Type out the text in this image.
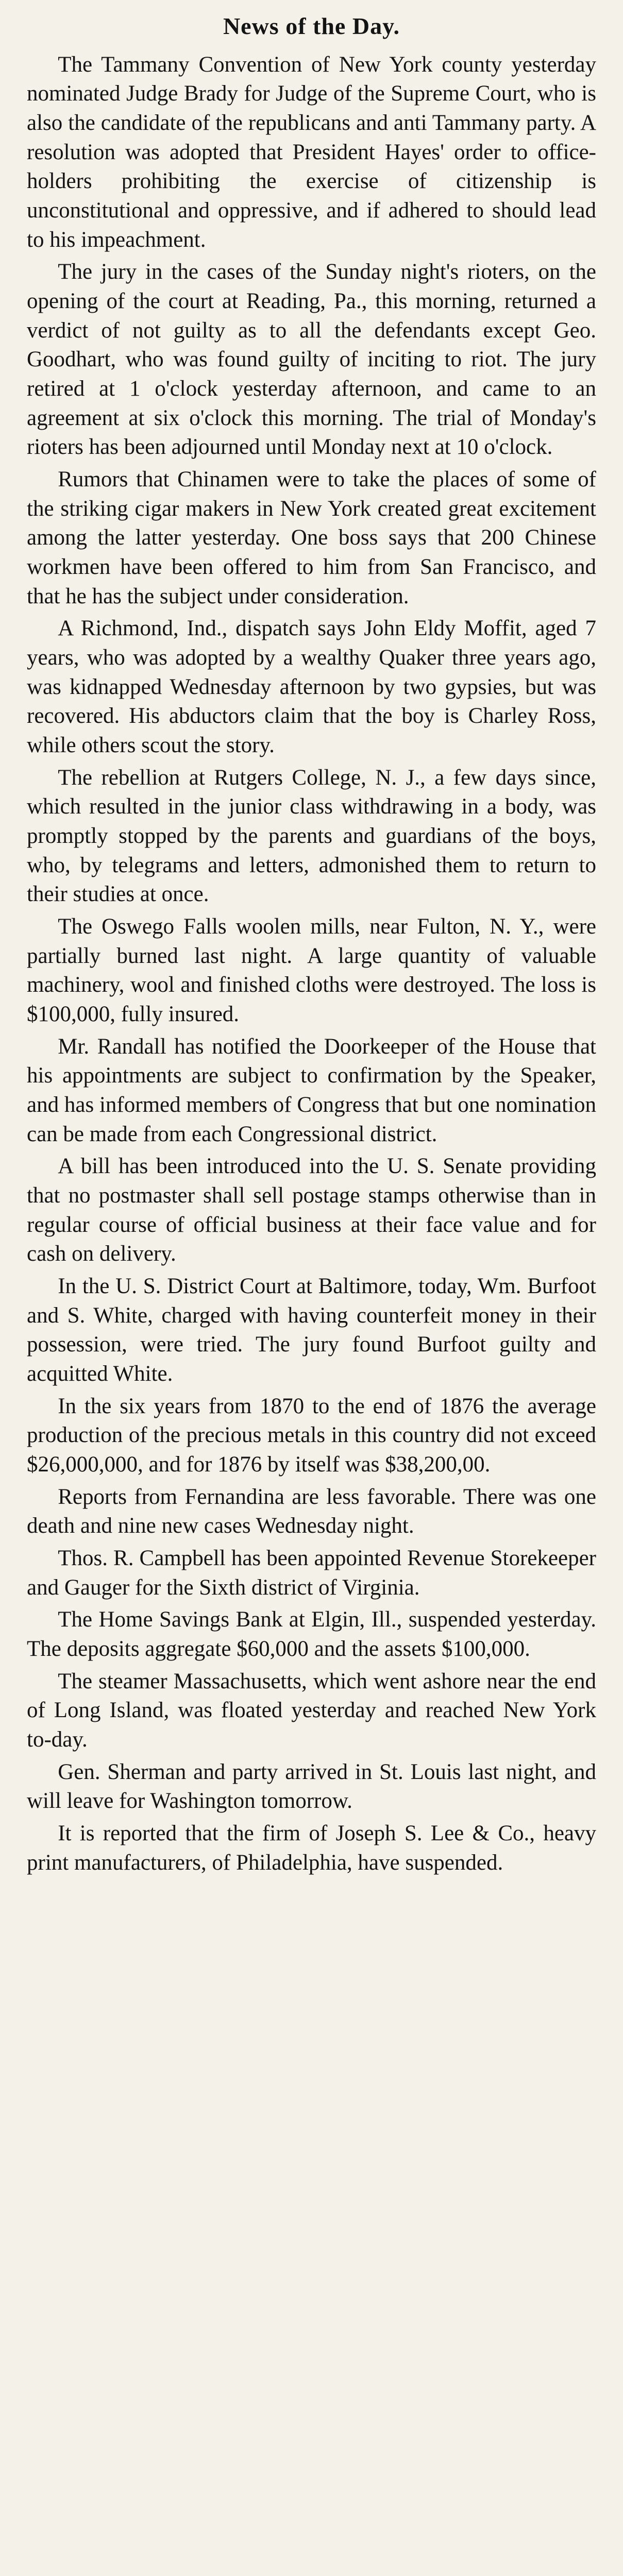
News of the Day.

The Tammany Convention of New York county yesterday nominated Judge Brady for Judge of the Supreme Court, who is also the candidate of the republicans and anti Tammany party. A resolution was adopted that President Hayes' order to office-holders prohibiting the exercise of citizenship is unconstitutional and oppressive, and if adhered to should lead to his impeachment.

The jury in the cases of the Sunday night's rioters, on the opening of the court at Reading, Pa., this morning, returned a verdict of not guilty as to all the defendants except Geo. Goodhart, who was found guilty of inciting to riot. The jury retired at 1 o'clock yesterday afternoon, and came to an agreement at six o'clock this morning. The trial of Monday's rioters has been adjourned until Monday next at 10 o'clock.

Rumors that Chinamen were to take the places of some of the striking cigar makers in New York created great excitement among the latter yesterday. One boss says that 200 Chinese workmen have been offered to him from San Francisco, and that he has the subject under consideration.

A Richmond, Ind., dispatch says John Eldy Moffit, aged 7 years, who was adopted by a wealthy Quaker three years ago, was kidnapped Wednesday afternoon by two gypsies, but was recovered. His abductors claim that the boy is Charley Ross, while others scout the story.

The rebellion at Rutgers College, N. J., a few days since, which resulted in the junior class withdrawing in a body, was promptly stopped by the parents and guardians of the boys, who, by telegrams and letters, admonished them to return to their studies at once.

The Oswego Falls woolen mills, near Fulton, N. Y., were partially burned last night. A large quantity of valuable machinery, wool and finished cloths were destroyed. The loss is $100,000, fully insured.

Mr. Randall has notified the Doorkeeper of the House that his appointments are subject to confirmation by the Speaker, and has informed members of Congress that but one nomination can be made from each Congressional district.

A bill has been introduced into the U. S. Senate providing that no postmaster shall sell postage stamps otherwise than in regular course of official business at their face value and for cash on delivery.

In the U. S. District Court at Baltimore, today, Wm. Burfoot and S. White, charged with having counterfeit money in their possession, were tried. The jury found Burfoot guilty and acquitted White.

In the six years from 1870 to the end of 1876 the average production of the precious metals in this country did not exceed $26,000,000, and for 1876 by itself was $38,200,00.

Reports from Fernandina are less favorable. There was one death and nine new cases Wednesday night.

Thos. R. Campbell has been appointed Revenue Storekeeper and Gauger for the Sixth district of Virginia.

The Home Savings Bank at Elgin, Ill., suspended yesterday. The deposits aggregate $60,000 and the assets $100,000.

The steamer Massachusetts, which went ashore near the end of Long Island, was floated yesterday and reached New York to-day.

Gen. Sherman and party arrived in St. Louis last night, and will leave for Washington tomorrow.

It is reported that the firm of Joseph S. Lee & Co., heavy print manufacturers, of Philadelphia, have suspended.
